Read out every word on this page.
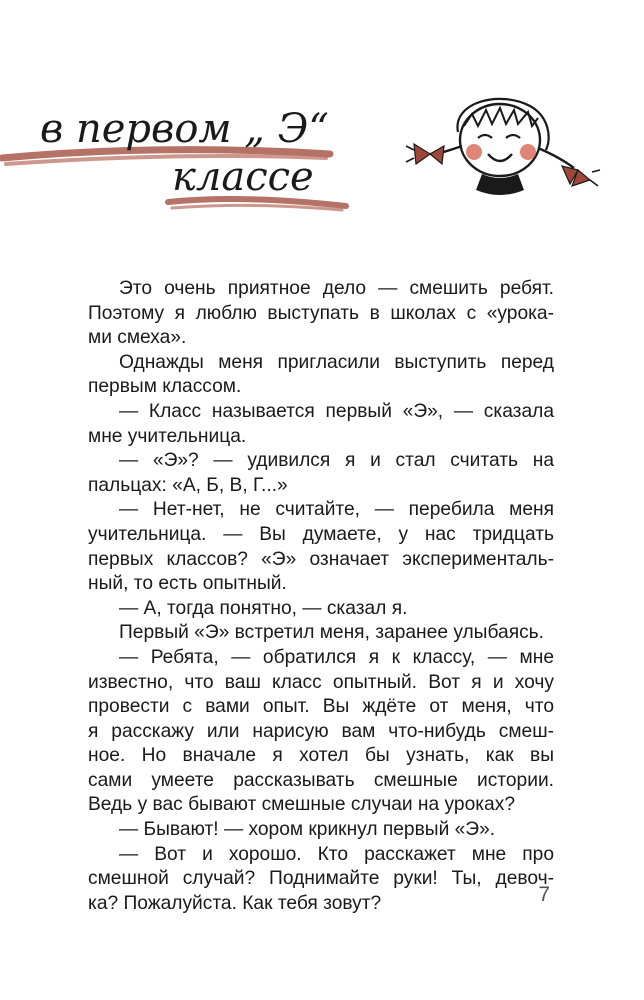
в первом „ Э“
классе
Это очень приятное дело — смешить ребят.
Поэтому я люблю выступать в школах с «урока-
ми смеха».
Однажды меня пригласили выступить перед
первым классом.
— Класс называется первый «Э», — сказала
мне учительница.
— «Э»? — удивился я и стал считать на
пальцах: «А, Б, В, Г...»
— Нет-нет, не считайте, — перебила меня
учительница. — Вы думаете, у нас тридцать
первых классов? «Э» означает эксперименталь-
ный, то есть опытный.
— А, тогда понятно, — сказал я.
Первый «Э» встретил меня, заранее улыбаясь.
— Ребята, — обратился я к классу, — мне
известно, что ваш класс опытный. Вот я и хочу
провести с вами опыт. Вы ждёте от меня, что
я расскажу или нарисую вам что-нибудь смеш-
ное. Но вначале я хотел бы узнать, как вы
сами умеете рассказывать смешные истории.
Ведь у вас бывают смешные случаи на уроках?
— Бывают! — хором крикнул первый «Э».
— Вот и хорошо. Кто расскажет мне про
смешной случай? Поднимайте руки! Ты, девоч-
ка? Пожалуйста. Как тебя зовут?	7
